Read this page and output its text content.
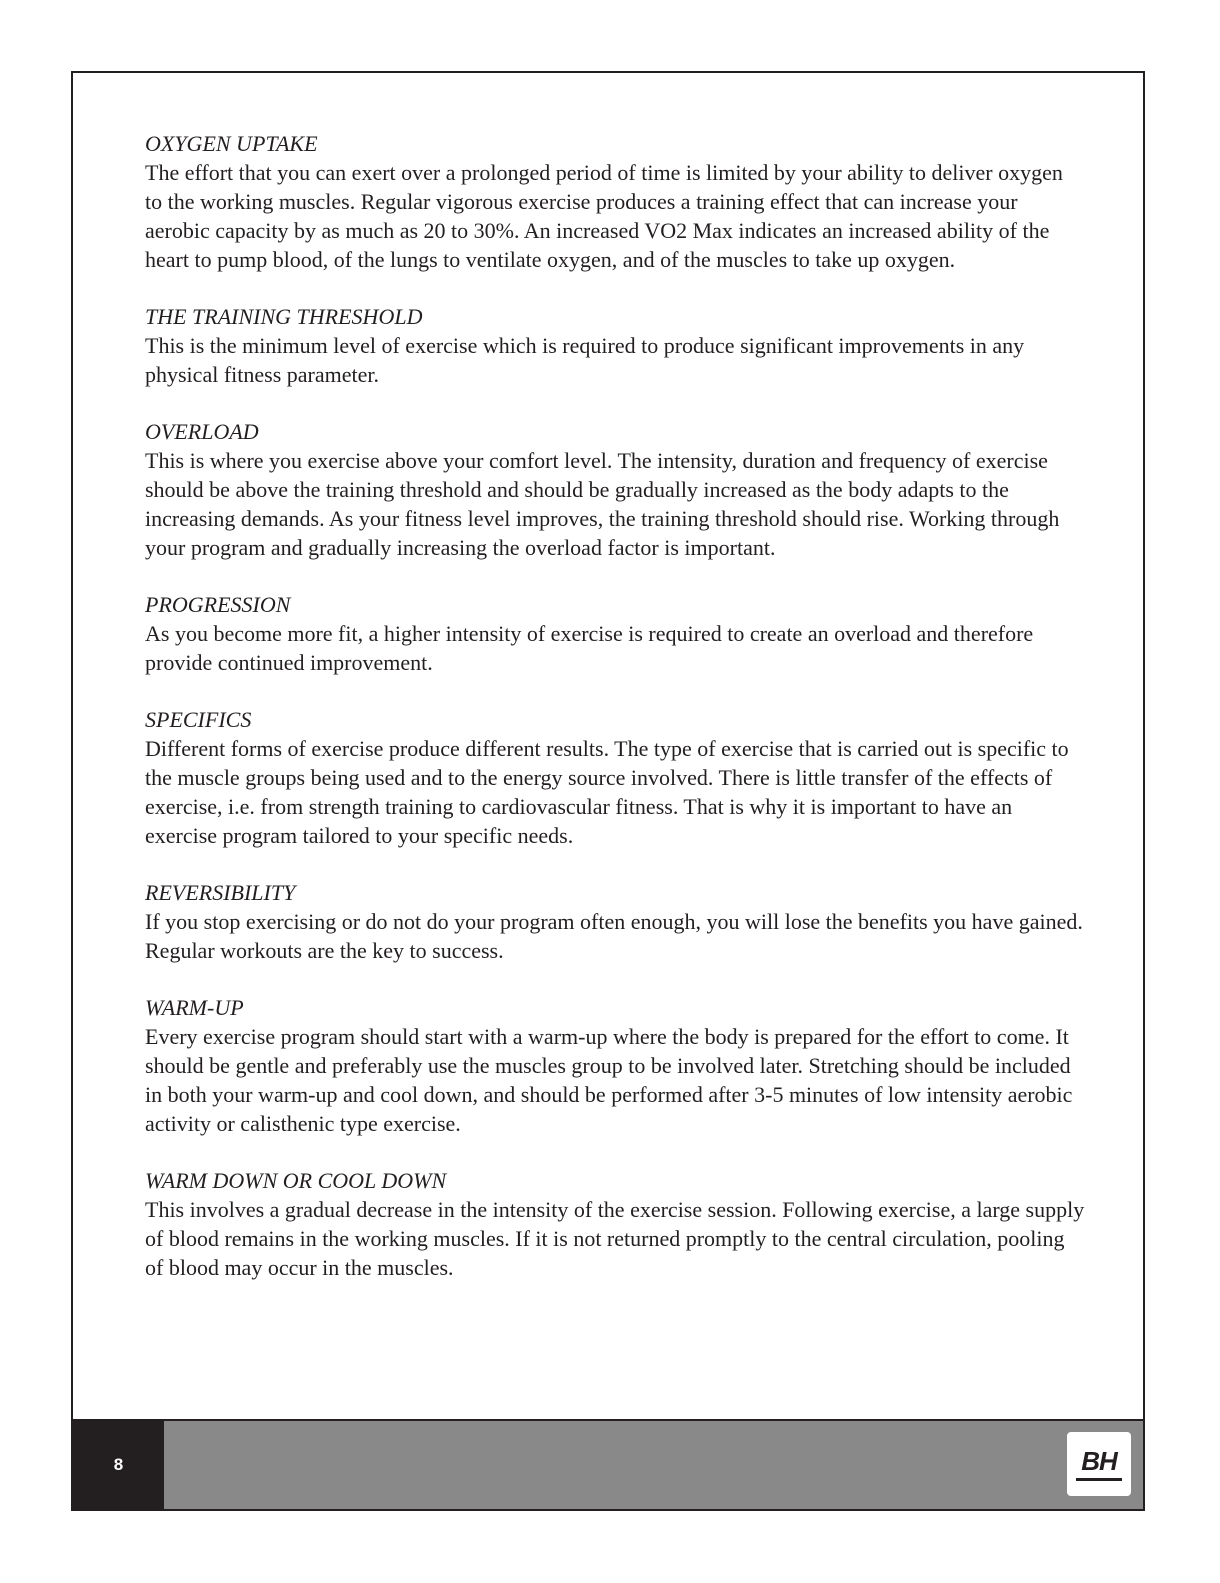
OXYGEN UPTAKE

The effort that you can exert over a prolonged period of time is limited by your ability to deliver oxygen to the working muscles. Regular vigorous exercise produces a training effect that can increase your aerobic capacity by as much as 20 to 30%. An increased VO2 Max indicates an increased ability of the heart to pump blood, of the lungs to ventilate oxygen, and of the muscles to take up oxygen.

THE TRAINING THRESHOLD

This is the minimum level of exercise which is required to produce significant improvements in any physical fitness parameter.

OVERLOAD

This is where you exercise above your comfort level. The intensity, duration and frequency of exercise should be above the training threshold and should be gradually increased as the body adapts to the increasing demands. As your fitness level improves, the training threshold should rise. Working through your program and gradually increasing the overload factor is important.

PROGRESSION

As you become more fit, a higher intensity of exercise is required to create an overload and therefore provide continued improvement.

SPECIFICS

Different forms of exercise produce different results. The type of exercise that is carried out is specific to the muscle groups being used and to the energy source involved. There is little transfer of the effects of exercise, i.e. from strength training to cardiovascular fitness. That is why it is important to have an exercise program tailored to your specific needs.

REVERSIBILITY

If you stop exercising or do not do your program often enough, you will lose the benefits you have gained. Regular workouts are the key to success.

WARM-UP

Every exercise program should start with a warm-up where the body is prepared for the effort to come. It should be gentle and preferably use the muscles group to be involved later. Stretching should be included in both your warm-up and cool down, and should be performed after 3-5 minutes of low intensity aerobic activity or calisthenic type exercise.

WARM DOWN OR COOL DOWN

This involves a gradual decrease in the intensity of the exercise session. Following exercise, a large supply of blood remains in the working muscles. If it is not returned promptly to the central circulation, pooling of blood may occur in the muscles.

8	BH
